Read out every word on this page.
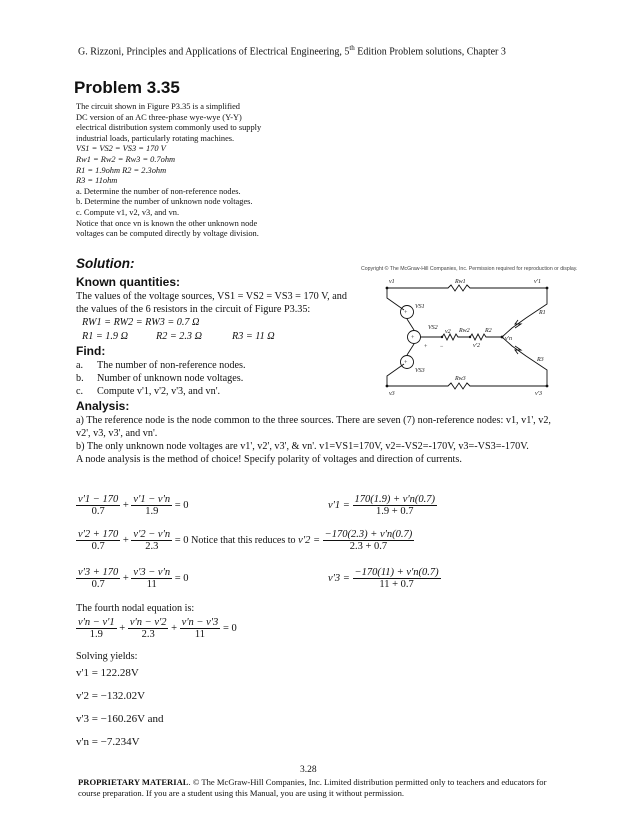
G. Rizzoni, Principles and Applications of Electrical Engineering, 5th Edition Problem solutions, Chapter 3
Problem 3.35
The circuit shown in Figure P3.35 is a simplified
DC version of an AC three-phase wye-wye (Y-Y)
electrical distribution system commonly used to supply
industrial loads, particularly rotating machines.
VS1 = VS2 = VS3 = 170 V
Rw1 = Rw2 = Rw3 = 0.7ohm
R1 = 1.9ohm R2 = 2.3ohm
R3 = 11ohm
a. Determine the number of non-reference nodes.
b. Determine the number of unknown node voltages.
c. Compute v1, v2, v3, and vn.
Notice that once vn is known the other unknown node
voltages can be computed directly by voltage division.
Solution:	Copyright © The McGraw-Hill Companies, Inc. Permission required for reproduction or display.
Known quantities:
The values of the voltage sources, VS1 = VS2 = VS3 = 170 V, and
the values of the 6 resistors in the circuit of Figure P3.35:
RW1 = RW2 = RW3 = 0.7 Ω
R1 = 1.9 Ω	R2 = 2.3 Ω	R3 = 11 Ω
Find:
a. The number of non-reference nodes.
b. Number of unknown node voltages.
c. Compute v'1, v'2, v'3, and vn'.
Analysis:
a) The reference node is the node common to the three sources. There are seven (7) non-reference nodes: v1, v1', v2,
v2', v3, v3', and vn'.
b) The only unknown node voltages are v1', v2', v3', & vn'. v1=VS1=170V, v2=-VS2=-170V, v3=-VS3=-170V.
A node analysis is the method of choice! Specify polarity of voltages and direction of currents.
v1	Rw1	v'1
R1
VS1
VS2
v2 Rw2	R2
v'2
v'n
VS3
R3
Rw3
v3	v'3
+
+
+
+ −
$\frac{v'1 - 170}{0.7} + \frac{v'1 - v'n}{1.9} = 0$	$v'1 = \frac{170(1.9) + v'n(0.7)}{1.9 + 0.7}$
$\frac{v'2 + 170}{0.7} + \frac{v'2 - v'n}{2.3} = 0$ Notice that this reduces to $v'2 = \frac{-170(2.3) + v'n(0.7)}{2.3 + 0.7}$
$\frac{v'3 + 170}{0.7} + \frac{v'3 - v'n}{11} = 0$	$v'3 = \frac{-170(11) + v'n(0.7)}{11 + 0.7}$
The fourth nodal equation is:
$\frac{v'n - v'1}{1.9} + \frac{v'n - v'2}{2.3} + \frac{v'n - v'3}{11} = 0$
Solving yields:
v'1 = 122.28V
v'2 = −132.02V
v'3 = −160.26V and
v'n = −7.234V
3.28
PROPRIETARY MATERIAL. © The McGraw-Hill Companies, Inc. Limited distribution permitted only to teachers and educators for course preparation. If you are a student using this Manual, you are using it without permission.
